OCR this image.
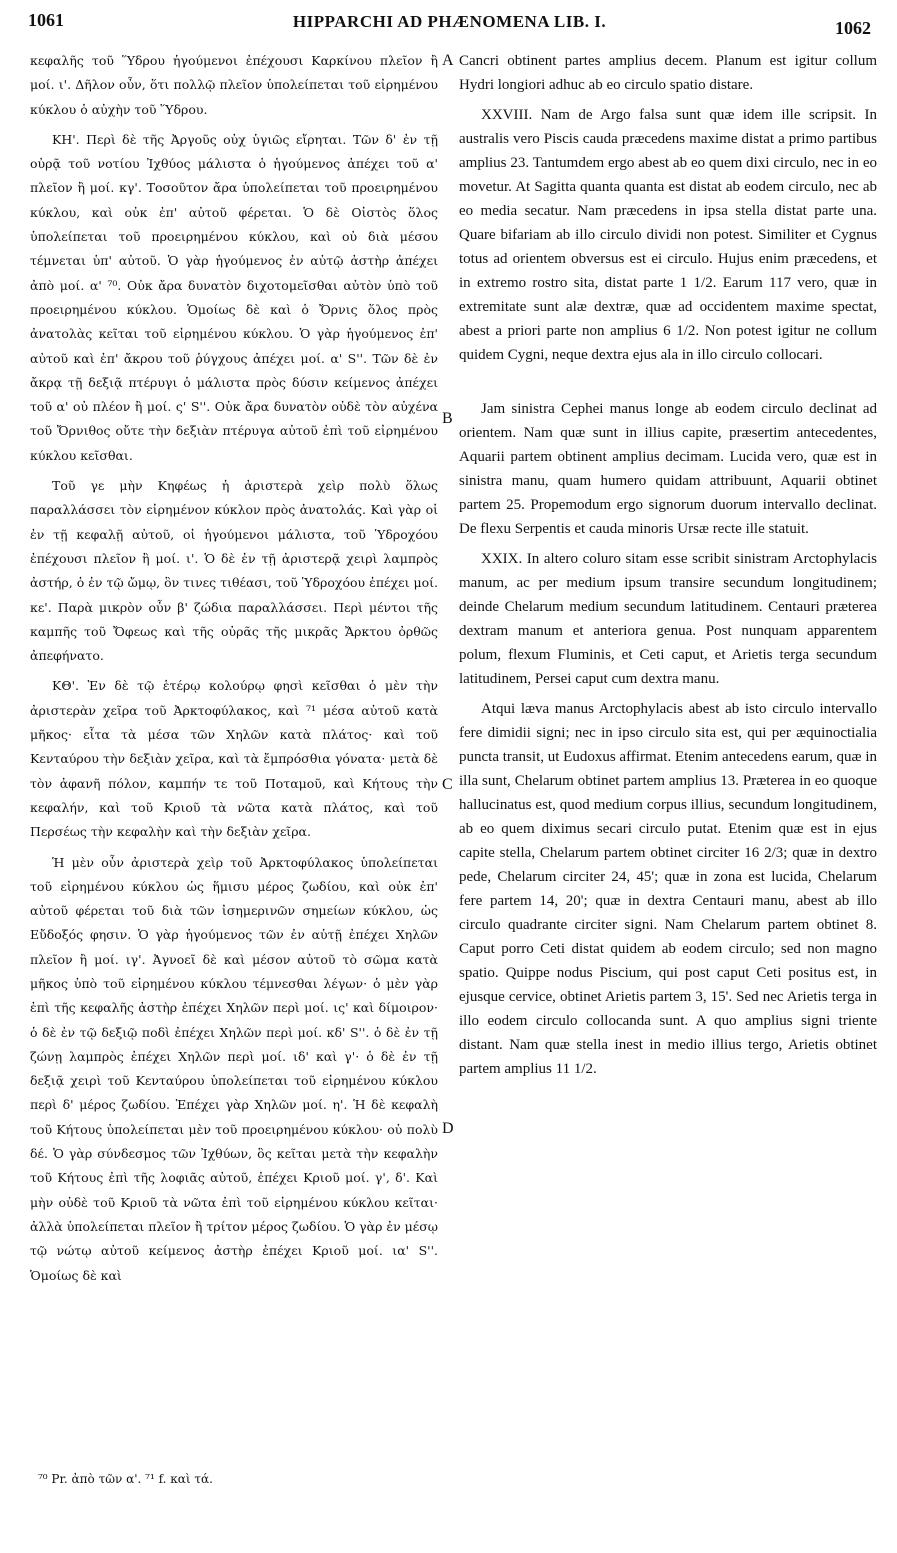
1061	HIPPARCHI AD PHÆNOMENA LIB. I.	1062

κεφαλῆς τοῦ Ὕδρου ἡγούμενοι ἐπέχουσι Καρκίνου πλεῖον ἢ μοί. ι'. Δῆλον οὖν, ὅτι πολλῷ πλεῖον ὑπολείπεται τοῦ εἰρημένου κύκλου ὁ αὐχὴν τοῦ Ὕδρου.

ΚΗ'. Περὶ δὲ τῆς Ἀργοῦς οὐχ ὑγιῶς εἴρηται. Τῶν δ' ἐν τῇ οὐρᾷ τοῦ νοτίου Ἰχθύος μάλιστα ὁ ἡγούμενος ἀπέχει τοῦ α' πλεῖον ἢ μοί. κγ'. Τοσοῦτον ἄρα ὑπολείπεται τοῦ προειρημένου κύκλου, καὶ οὐκ ἐπ' αὐτοῦ φέρεται. Ὁ δὲ Οἰστὸς ὅλος ὑπολείπεται τοῦ προειρημένου κύκλου, καὶ οὐ διὰ μέσου τέμνεται ὑπ' αὐτοῦ. Ὁ γὰρ ἡγούμενος ἐν αὐτῷ ἀστὴρ ἀπέχει ἀπὸ μοί. α' ⁷⁰. Οὐκ ἄρα δυνατὸν διχοτομεῖσθαι αὐτὸν ὑπὸ τοῦ προειρημένου κύκλου. Ὁμοίως δὲ καὶ ὁ Ὄρνις ὅλος πρὸς ἀνατολὰς κεῖται τοῦ εἰρημένου κύκλου. Ὁ γὰρ ἡγούμενος ἐπ' αὐτοῦ καὶ ἐπ' ἄκρου τοῦ ῥύγχους ἀπέχει μοί. α' S''. Τῶν δὲ ἐν ἄκρᾳ τῇ δεξιᾷ πτέρυγι ὁ μάλιστα πρὸς δύσιν κείμενος ἀπέχει τοῦ α' οὐ πλέον ἢ μοί. ς' S''. Οὐκ ἄρα δυνατὸν οὐδὲ τὸν αὐχένα τοῦ Ὄρνιθος οὔτε τὴν δεξιὰν πτέρυγα αὐτοῦ ἐπὶ τοῦ εἰρημένου κύκλου κεῖσθαι.

Τοῦ γε μὴν Κηφέως ἡ ἀριστερὰ χεὶρ πολὺ ὅλως παραλλάσσει τὸν εἰρημένον κύκλον πρὸς ἀνατολάς. Καὶ γὰρ οἱ ἐν τῇ κεφαλῇ αὐτοῦ, οἱ ἡγούμενοι μάλιστα, τοῦ Ὑδροχόου ἐπέχουσι πλεῖον ἢ μοί. ι'. Ὁ δὲ ἐν τῇ ἀριστερᾷ χειρὶ λαμπρὸς ἀστήρ, ὁ ἐν τῷ ὤμῳ, ὃν τινες τιθέασι, τοῦ Ὑδροχόου ἐπέχει μοί. κε'. Παρὰ μικρὸν οὖν β' ζώδια παραλλάσσει. Περὶ μέντοι τῆς καμπῆς τοῦ Ὄφεως καὶ τῆς οὐρᾶς τῆς μικρᾶς Ἄρκτου ὀρθῶς ἀπεφήνατο.

ΚΘ'. Ἐν δὲ τῷ ἑτέρῳ κολούρῳ φησὶ κεῖσθαι ὁ μὲν τὴν ἀριστερὰν χεῖρα τοῦ Ἀρκτοφύλακος, καὶ ⁷¹ μέσα αὐτοῦ κατὰ μῆκος· εἶτα τὰ μέσα τῶν Χηλῶν κατὰ πλάτος· καὶ τοῦ Κενταύρου τὴν δεξιὰν χεῖρα, καὶ τὰ ἔμπρόσθια γόνατα· μετὰ δὲ τὸν ἀφανῆ πόλον, καμπήν τε τοῦ Ποταμοῦ, καὶ Κήτους τὴν κεφαλήν, καὶ τοῦ Κριοῦ τὰ νῶτα κατὰ πλάτος, καὶ τοῦ Περσέως τὴν κεφαλὴν καὶ τὴν δεξιὰν χεῖρα.

Ἡ μὲν οὖν ἀριστερὰ χεὶρ τοῦ Ἀρκτοφύλακος ὑπολείπεται τοῦ εἰρημένου κύκλου ὡς ἥμισυ μέρος ζωδίου, καὶ οὐκ ἐπ' αὐτοῦ φέρεται τοῦ διὰ τῶν ἰσημερινῶν σημείων κύκλου, ὡς Εὔδοξός φησιν. Ὁ γὰρ ἡγούμενος τῶν ἐν αὐτῇ ἐπέχει Χηλῶν πλεῖον ἢ μοί. ιγ'. Ἀγνοεῖ δὲ καὶ μέσον αὐτοῦ τὸ σῶμα κατὰ μῆκος ὑπὸ τοῦ εἰρημένου κύκλου τέμνεσθαι λέγων· ὁ μὲν γὰρ ἐπὶ τῆς κεφαλῆς ἀστὴρ ἐπέχει Χηλῶν περὶ μοί. ις' καὶ δίμοιρον· ὁ δὲ ἐν τῷ δεξιῷ ποδὶ ἐπέχει Χηλῶν περὶ μοί. κδ' S''. ὁ δὲ ἐν τῇ ζώνῃ λαμπρὸς ἐπέχει Χηλῶν περὶ μοί. ιδ' καὶ γ'· ὁ δὲ ἐν τῇ δεξιᾷ χειρὶ τοῦ Κενταύρου ὑπολείπεται τοῦ εἰρημένου κύκλου περὶ δ' μέρος ζωδίου. Ἐπέχει γὰρ Χηλῶν μοί. η'. Ἡ δὲ κεφαλὴ τοῦ Κήτους ὑπολείπεται μὲν τοῦ προειρημένου κύκλου· οὐ πολὺ δέ. Ὁ γὰρ σύνδεσμος τῶν Ἰχθύων, ὃς κεῖται μετὰ τὴν κεφαλὴν τοῦ Κήτους ἐπὶ τῆς λοφιᾶς αὐτοῦ, ἐπέχει Κριοῦ μοί. γ', δ'. Καὶ μὴν οὐδὲ τοῦ Κριοῦ τὰ νῶτα ἐπὶ τοῦ εἰρημένου κύκλου κεῖται· ἀλλὰ ὑπολείπεται πλεῖον ἢ τρίτον μέρος ζωδίου. Ὁ γὰρ ἐν μέσῳ τῷ νώτῳ αὐτοῦ κείμενος ἀστὴρ ἐπέχει Κριοῦ μοί. ια' S''. Ὁμοίως δὲ καὶ

Cancri obtinent partes amplius decem. Planum est igitur collum Hydri longiori adhuc ab eo circulo spatio distare.

XXVIII. Nam de Argo falsa sunt quæ idem ille scripsit. In australis vero Piscis cauda præcedens maxime distat a primo partibus amplius 23. Tantumdem ergo abest ab eo quem dixi circulo, nec in eo movetur. At Sagitta quanta quanta est distat ab eodem circulo, nec ab eo media secatur. Nam præcedens in ipsa stella distat parte una. Quare bifariam ab illo circulo dividi non potest. Similiter et Cygnus totus ad orientem obversus est ei circulo. Hujus enim præcedens, et in extremo rostro sita, distat parte 1 1/2. Earum 117 vero, quæ in extremitate sunt alæ dextræ, quæ ad occidentem maxime spectat, abest a priori parte non amplius 6 1/2. Non potest igitur ne collum quidem Cygni, neque dextra ejus ala in illo circulo collocari.

Jam sinistra Cephei manus longe ab eodem circulo declinat ad orientem. Nam quæ sunt in illius capite, præsertim antecedentes, Aquarii partem obtinent amplius decimam. Lucida vero, quæ est in sinistra manu, quam humero quidam attribuunt, Aquarii obtinet partem 25. Propemodum ergo signorum duorum intervallo declinat. De flexu Serpentis et cauda minoris Ursæ recte ille statuit.

XXIX. In altero coluro sitam esse scribit sinistram Arctophylacis manum, ac per medium ipsum transire secundum longitudinem; deinde Chelarum medium secundum latitudinem. Centauri præterea dextram manum et anteriora genua. Post nunquam apparentem polum, flexum Fluminis, et Ceti caput, et Arietis terga secundum latitudinem, Persei caput cum dextra manu.

Atqui læva manus Arctophylacis abest ab isto circulo intervallo fere dimidii signi; nec in ipso circulo sita est, qui per æquinoctialia puncta transit, ut Eudoxus affirmat. Etenim antecedens earum, quæ in illa sunt, Chelarum obtinet partem amplius 13. Præterea in eo quoque hallucinatus est, quod medium corpus illius, secundum longitudinem, ab eo quem diximus secari circulo putat. Etenim quæ est in ejus capite stella, Chelarum partem obtinet circiter 16 2/3; quæ in dextro pede, Chelarum circiter 24, 45'; quæ in zona est lucida, Chelarum fere partem 14, 20'; quæ in dextra Centauri manu, abest ab illo circulo quadrante circiter signi. Nam Chelarum partem obtinet 8. Caput porro Ceti distat quidem ab eodem circulo; sed non magno spatio. Quippe nodus Piscium, qui post caput Ceti positus est, in ejusque cervice, obtinet Arietis partem 3, 15'. Sed nec Arietis terga in illo eodem circulo collocanda sunt. A quo amplius signi triente distant. Nam quæ stella inest in medio illius tergo, Arietis obtinet partem amplius 11 1/2.

A
B
C
D
⁷⁰ Pr. ἀπὸ τῶν α'. ⁷¹ f. καὶ τά.
